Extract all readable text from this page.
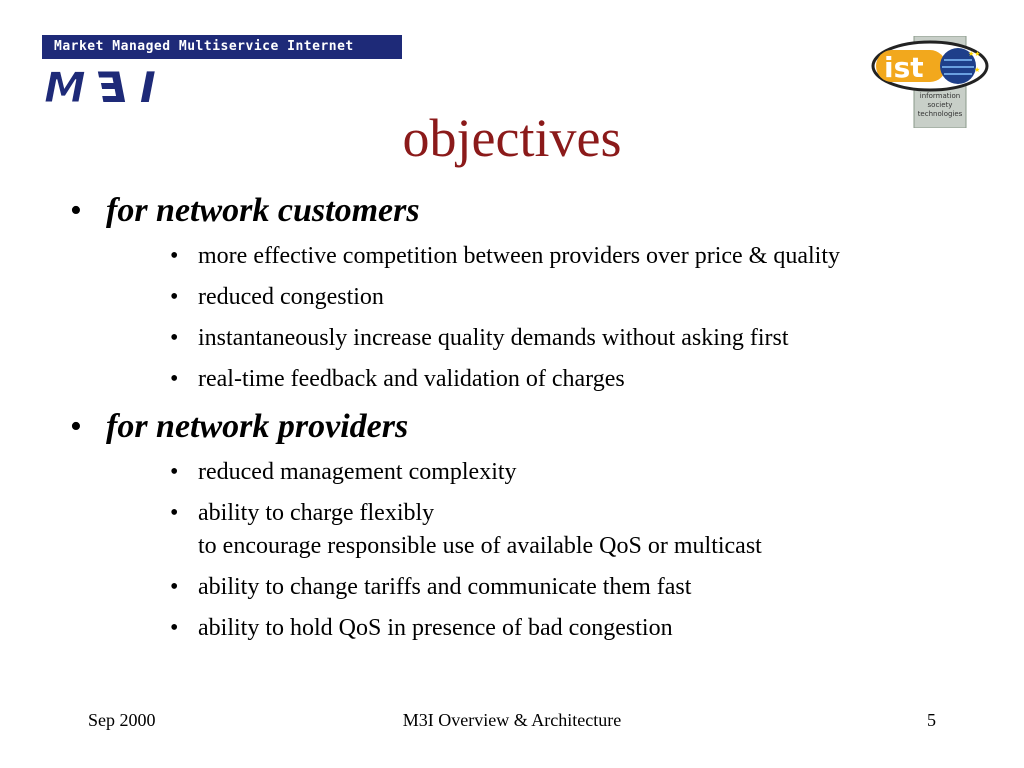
Market Managed Multiservice Internet
M E I	ist	★★
★
information
society
technologies
objectives
• for network customers
• more effective competition between providers over price & quality
• reduced congestion
• instantaneously increase quality demands without asking first
• real-time feedback and validation of charges
• for network providers
• reduced management complexity
• ability to charge flexibly
to encourage responsible use of available QoS or multicast
• ability to change tariffs and communicate them fast
• ability to hold QoS in presence of bad congestion
Sep 2000	M3I Overview & Architecture	5
